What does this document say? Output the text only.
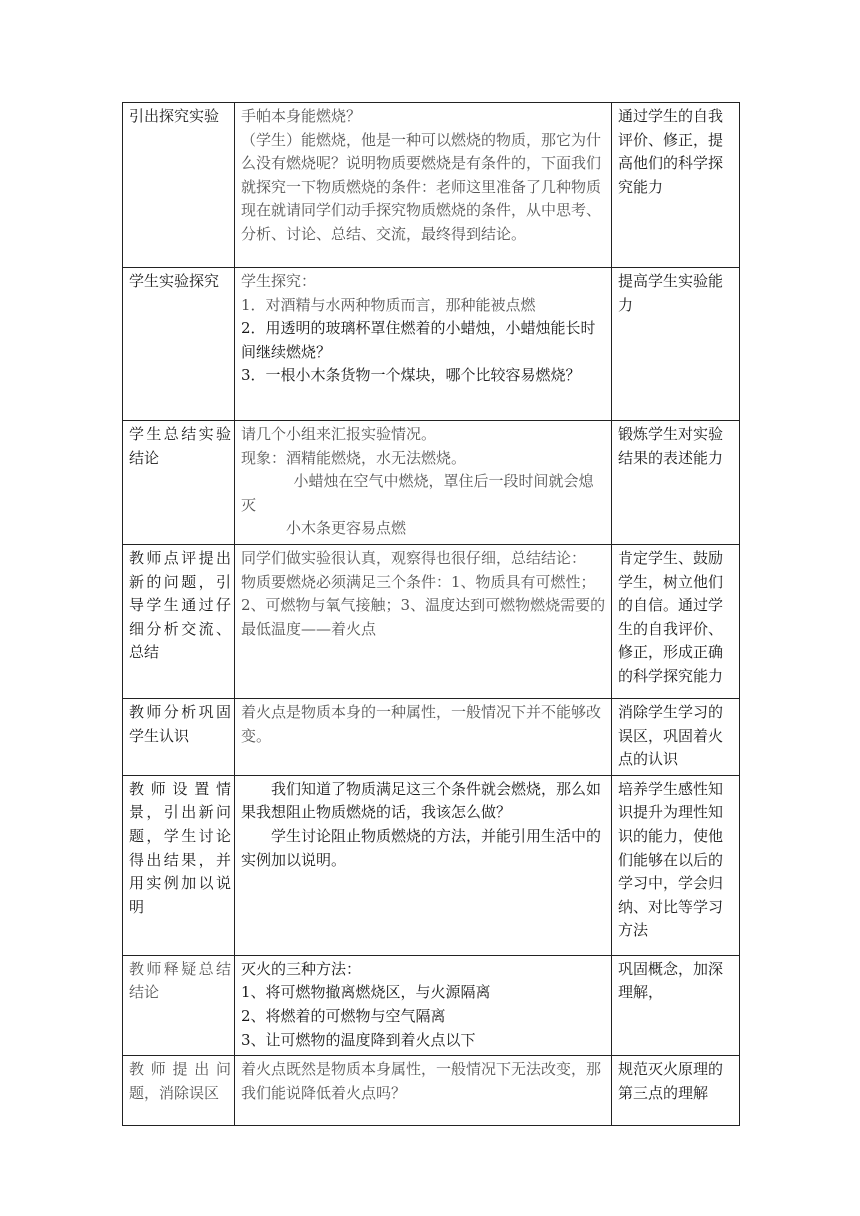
引出探究实验	手帕本身能燃烧？
（学生）能燃烧，他是一种可以燃烧的物质，那它为什么没有燃烧呢？说明物质要燃烧是有条件的，下面我们就探究一下物质燃烧的条件：老师这里准备了几种物质现在就请同学们动手探究物质燃烧的条件，从中思考、分析、讨论、总结、交流，最终得到结论。	通过学生的自我评价、修正，提高他们的科学探究能力
学生实验探究	学生探究：
1．对酒精与水两种物质而言，那种能被点燃
2．用透明的玻璃杯罩住燃着的小蜡烛，小蜡烛能长时间继续燃烧？
3．一根小木条货物一个煤块，哪个比较容易燃烧？	提高学生实验能力
学生总结实验结论	请几个小组来汇报实验情况。
现象：酒精能燃烧，水无法燃烧。
小蜡烛在空气中燃烧，罩住后一段时间就会熄灭
小木条更容易点燃	锻炼学生对实验结果的表述能力
教师点评提出新的问题，引导学生通过仔细分析交流、总结	同学们做实验很认真，观察得也很仔细，总结结论：
物质要燃烧必须满足三个条件：1、物质具有可燃性；2、可燃物与氧气接触；3、温度达到可燃物燃烧需要的最低温度——着火点	肯定学生、鼓励学生，树立他们的自信。通过学生的自我评价、修正，形成正确的科学探究能力
教师分析巩固学生认识	着火点是物质本身的一种属性，一般情况下并不能够改变。	消除学生学习的误区，巩固着火点的认识
教师设置情景，引出新问题，学生讨论得出结果，并用实例加以说明	我们知道了物质满足这三个条件就会燃烧，那么如果我想阻止物质燃烧的话，我该怎么做？
学生讨论阻止物质燃烧的方法，并能引用生活中的实例加以说明。	培养学生感性知识提升为理性知识的能力，使他们能够在以后的学习中，学会归纳、对比等学习方法
教师释疑总结结论	灭火的三种方法：
1、将可燃物撤离燃烧区，与火源隔离
2、将燃着的可燃物与空气隔离
3、让可燃物的温度降到着火点以下	巩固概念，加深理解，
教师提出问题，消除误区	着火点既然是物质本身属性，一般情况下无法改变，那我们能说降低着火点吗？	规范灭火原理的第三点的理解
